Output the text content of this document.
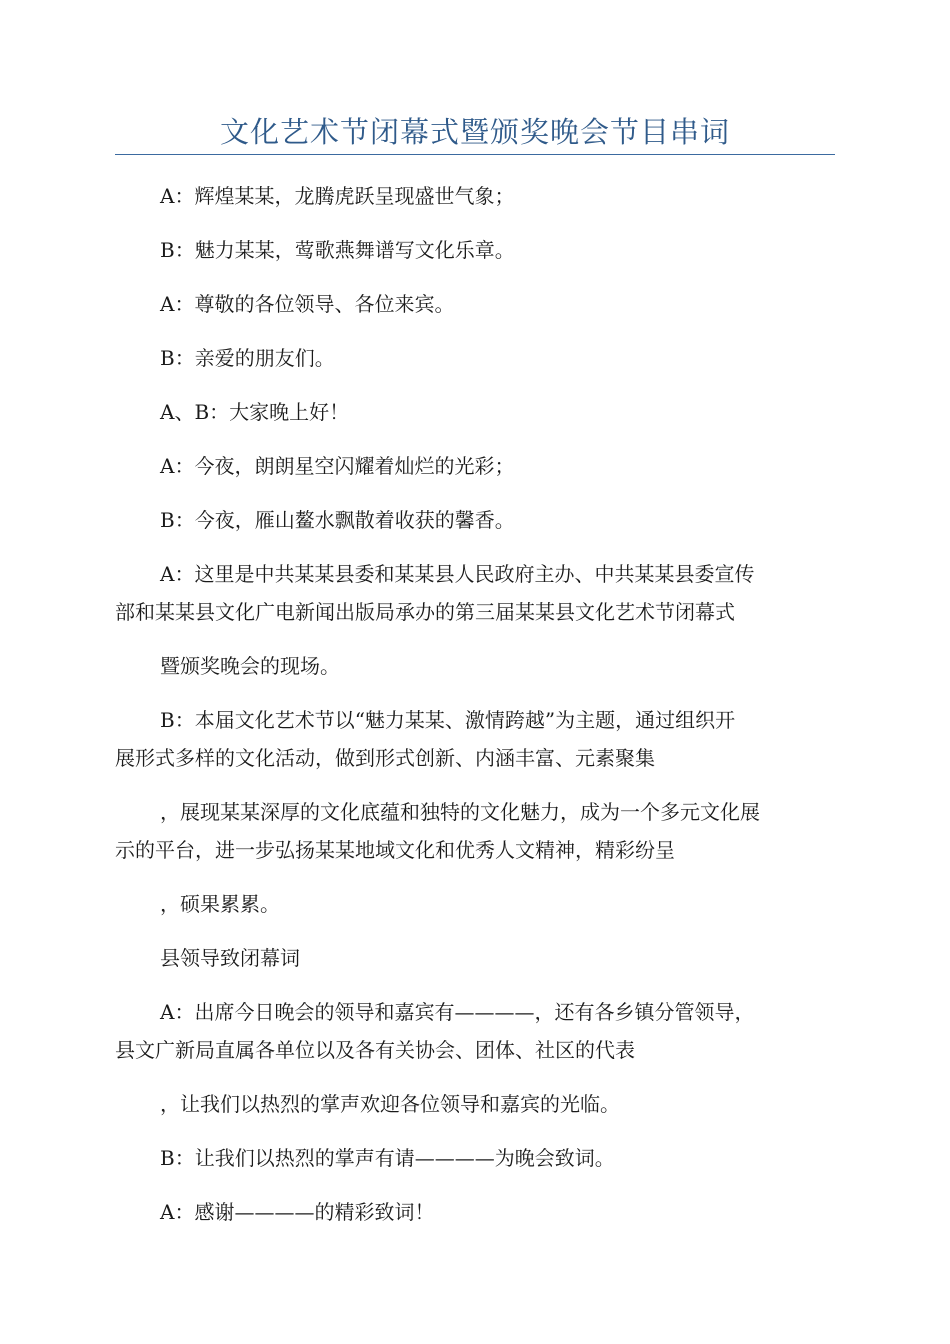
文化艺术节闭幕式暨颁奖晚会节目串词

A：辉煌某某，龙腾虎跃呈现盛世气象；

B：魅力某某，莺歌燕舞谱写文化乐章。

A：尊敬的各位领导、各位来宾。

B：亲爱的朋友们。

A、B：大家晚上好！

A：今夜，朗朗星空闪耀着灿烂的光彩；

B：今夜，雁山鳌水飘散着收获的馨香。

A：这里是中共某某县委和某某县人民政府主办、中共某某县委宣传

部和某某县文化广电新闻出版局承办的第三届某某县文化艺术节闭幕式

暨颁奖晚会的现场。

B：本届文化艺术节以“魅力某某、激情跨越”为主题，通过组织开

展形式多样的文化活动，做到形式创新、内涵丰富、元素聚集

，展现某某深厚的文化底蕴和独特的文化魅力，成为一个多元文化展

示的平台，进一步弘扬某某地域文化和优秀人文精神，精彩纷呈

，硕果累累。

县领导致闭幕词

A：出席今日晚会的领导和嘉宾有————，还有各乡镇分管领导，

县文广新局直属各单位以及各有关协会、团体、社区的代表

，让我们以热烈的掌声欢迎各位领导和嘉宾的光临。

B：让我们以热烈的掌声有请————为晚会致词。

A：感谢————的精彩致词！
